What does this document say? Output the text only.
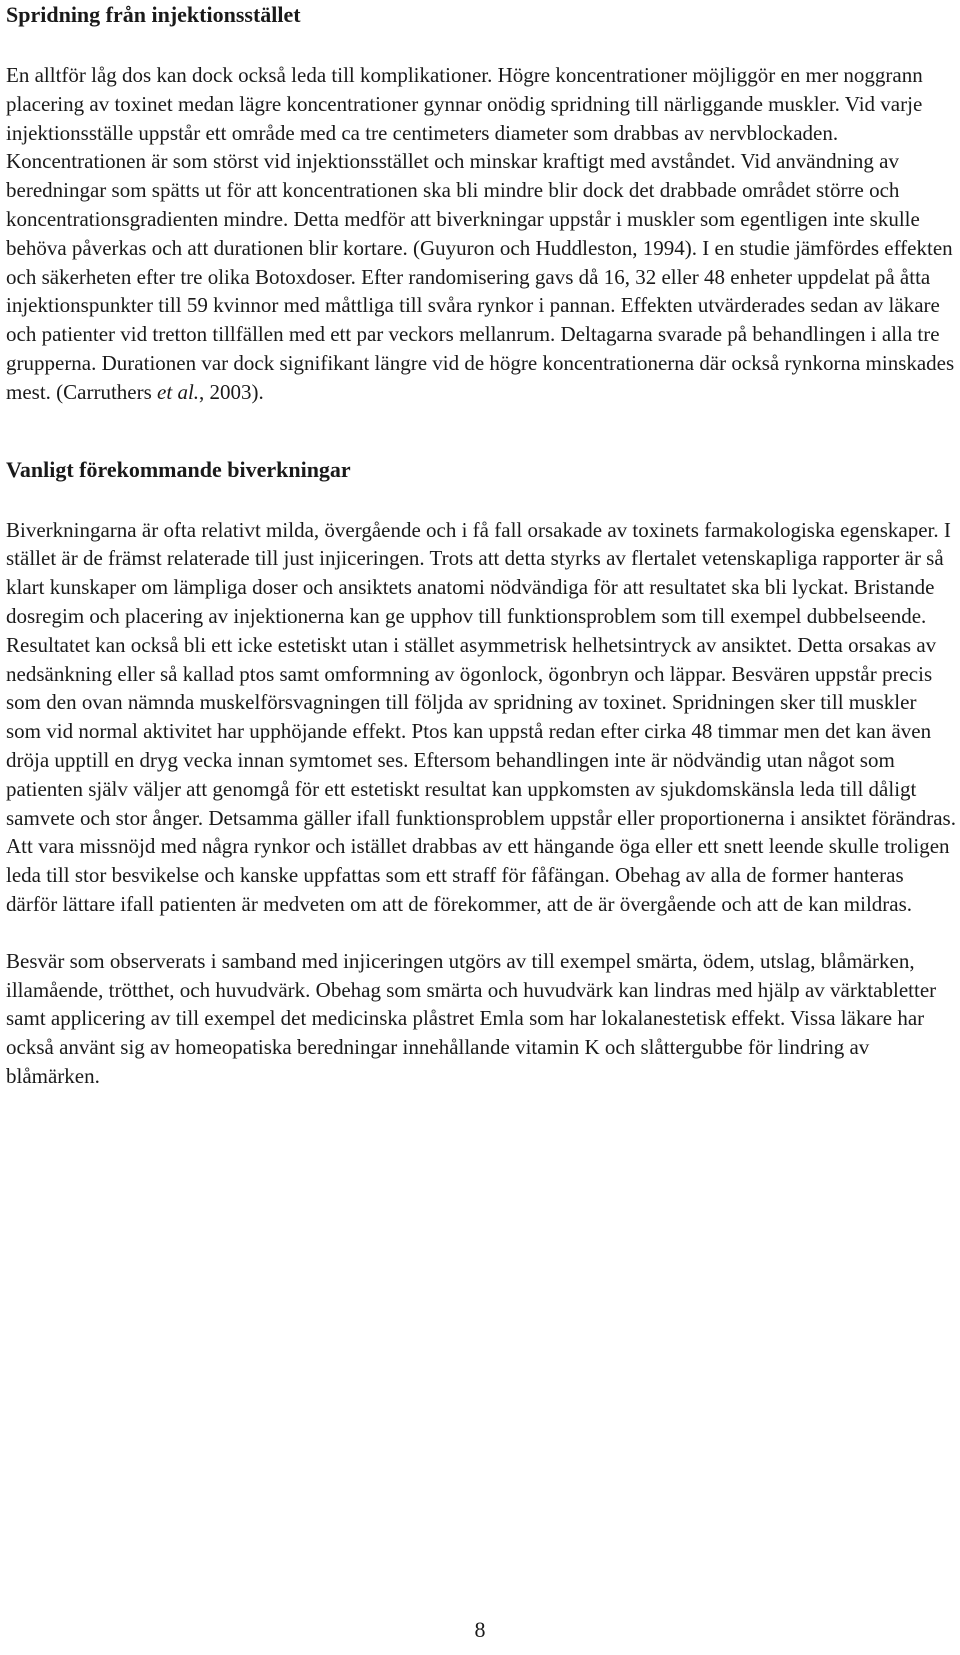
Spridning från injektionsstället

En alltför låg dos kan dock också leda till komplikationer. Högre koncentrationer möjliggör en mer noggrann placering av toxinet medan lägre koncentrationer gynnar onödig spridning till närliggande muskler. Vid varje injektionsställe uppstår ett område med ca tre centimeters diameter som drabbas av nervblockaden. Koncentrationen är som störst vid injektionsstället och minskar kraftigt med avståndet. Vid användning av beredningar som spätts ut för att koncentrationen ska bli mindre blir dock det drabbade området större och koncentrationsgradienten mindre. Detta medför att biverkningar uppstår i muskler som egentligen inte skulle behöva påverkas och att durationen blir kortare. (Guyuron och Huddleston, 1994). I en studie jämfördes effekten och säkerheten efter tre olika Botoxdoser. Efter randomisering gavs då 16, 32 eller 48 enheter uppdelat på åtta injektionspunkter till 59 kvinnor med måttliga till svåra rynkor i pannan. Effekten utvärderades sedan av läkare och patienter vid tretton tillfällen med ett par veckors mellanrum. Deltagarna svarade på behandlingen i alla tre grupperna. Durationen var dock signifikant längre vid de högre koncentrationerna där också rynkorna minskades mest. (Carruthers et al., 2003).

Vanligt förekommande biverkningar

Biverkningarna är ofta relativt milda, övergående och i få fall orsakade av toxinets farmakologiska egenskaper. I stället är de främst relaterade till just injiceringen. Trots att detta styrks av flertalet vetenskapliga rapporter är så klart kunskaper om lämpliga doser och ansiktets anatomi nödvändiga för att resultatet ska bli lyckat. Bristande dosregim och placering av injektionerna kan ge upphov till funktionsproblem som till exempel dubbelseende. Resultatet kan också bli ett icke estetiskt utan i stället asymmetrisk helhetsintryck av ansiktet. Detta orsakas av nedsänkning eller så kallad ptos samt omformning av ögonlock, ögonbryn och läppar. Besvären uppstår precis som den ovan nämnda muskelförsvagningen till följda av spridning av toxinet. Spridningen sker till muskler som vid normal aktivitet har upphöjande effekt. Ptos kan uppstå redan efter cirka 48 timmar men det kan även dröja upptill en dryg vecka innan symtomet ses. Eftersom behandlingen inte är nödvändig utan något som patienten själv väljer att genomgå för ett estetiskt resultat kan uppkomsten av sjukdomskänsla leda till dåligt samvete och stor ånger. Detsamma gäller ifall funktionsproblem uppstår eller proportionerna i ansiktet förändras. Att vara missnöjd med några rynkor och istället drabbas av ett hängande öga eller ett snett leende skulle troligen leda till stor besvikelse och kanske uppfattas som ett straff för fåfängan. Obehag av alla de former hanteras därför lättare ifall patienten är medveten om att de förekommer, att de är övergående och att de kan mildras.

Besvär som observerats i samband med injiceringen utgörs av till exempel smärta, ödem, utslag, blåmärken, illamående, trötthet, och huvudvärk. Obehag som smärta och huvudvärk kan lindras med hjälp av värktabletter samt applicering av till exempel det medicinska plåstret Emla som har lokalanestetisk effekt. Vissa läkare har också använt sig av homeopatiska beredningar innehållande vitamin K och slåttergubbe för lindring av blåmärken.

8
